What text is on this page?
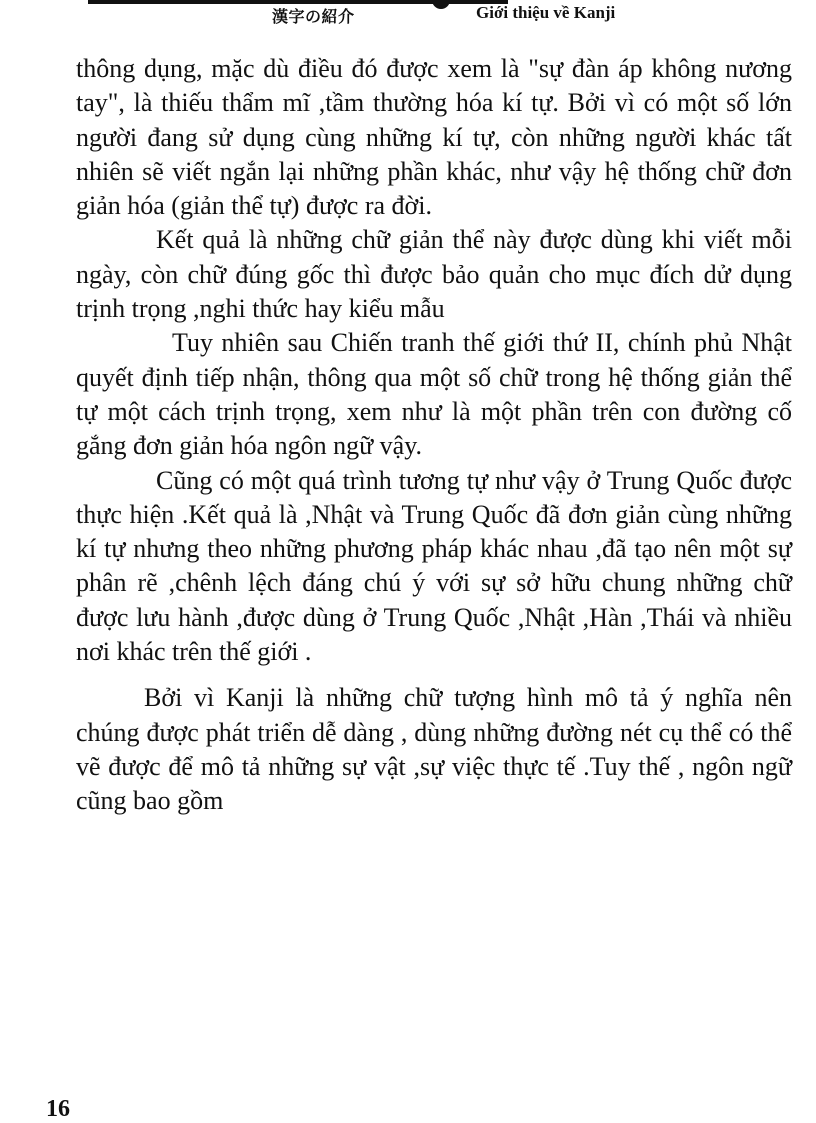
漢字の紹介	Giới thiệu về Kanji

thông dụng, mặc dù điều đó được xem là "sự đàn áp không nương tay", là thiếu thẩm mĩ ,tầm thường hóa kí tự. Bởi vì có một số lớn người đang sử dụng cùng những kí tự, còn những người khác tất nhiên sẽ viết ngắn lại những phần khác, như vậy hệ thống chữ đơn giản hóa (giản thể tự) được ra đời.

Kết quả là những chữ giản thể này được dùng khi viết mỗi ngày, còn chữ đúng gốc thì được bảo quản cho mục đích dử dụng trịnh trọng ,nghi thức hay kiểu mẫu

Tuy nhiên sau Chiến tranh thế giới thứ II, chính phủ Nhật quyết định tiếp nhận, thông qua một số chữ trong hệ thống giản thể tự một cách trịnh trọng, xem như là một phần trên con đường cố gắng đơn giản hóa ngôn ngữ vậy.

Cũng có một quá trình tương tự như vậy ở Trung Quốc được thực hiện .Kết quả là ,Nhật và Trung Quốc đã đơn giản cùng những kí tự nhưng theo những phương pháp khác nhau ,đã tạo nên một sự phân rẽ ,chênh lệch đáng chú ý với sự sở hữu chung những chữ được lưu hành ,được dùng ở Trung Quốc ,Nhật ,Hàn ,Thái và nhiều nơi khác trên thế giới .

Bởi vì Kanji là những chữ tượng hình mô tả ý nghĩa nên chúng được phát triển dễ dàng , dùng những đường nét cụ thể có thể vẽ được để mô tả những sự vật ,sự việc thực tế .Tuy thế , ngôn ngữ cũng bao gồm

16
